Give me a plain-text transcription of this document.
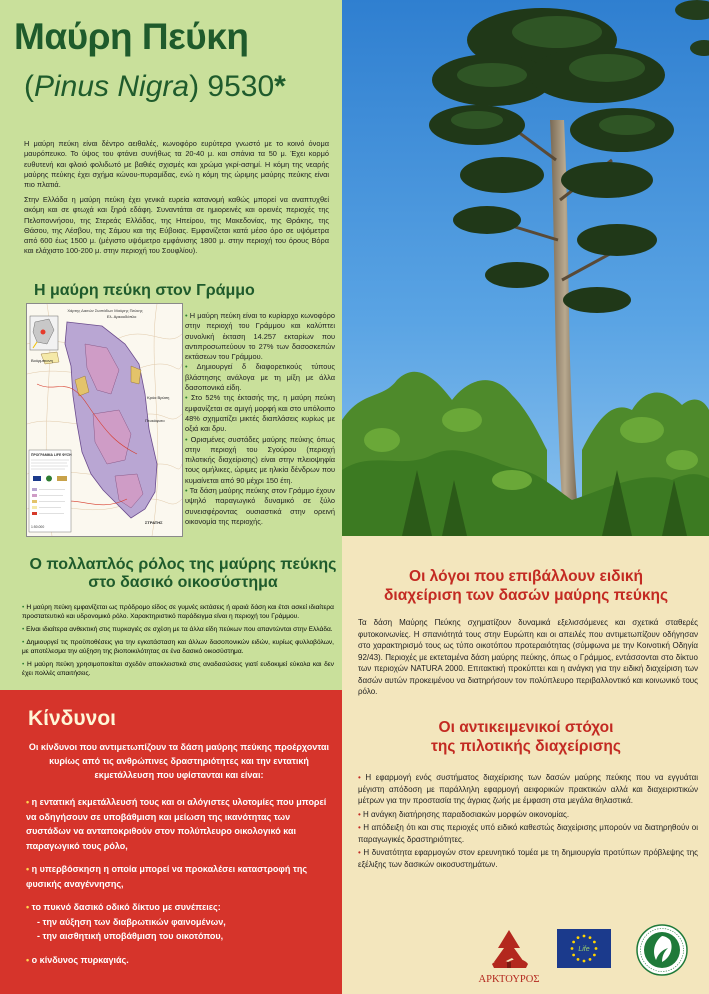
Μαύρη Πεύκη
(Pinus Nigra) 9530*

Η μαύρη πεύκη είναι δέντρο αειθαλές, κωνοφόρο ευρύτερα γνωστό με το κοινό όνομα μαυρόπευκο. Το ύψος του φτάνει συνήθως τα 20-40 μ. και σπάνια τα 50 μ. Έχει κορμό ευθυτενή και φλοιό φολιδωτό με βαθιές σχισμές και χρώμα γκρί-ασημί. Η κόμη της νεαρής μαύρης πεύκης έχει σχήμα κώνου-πυραμίδας, ενώ η κόμη της ώριμης μαύρης πεύκης είναι πιο πλατιά.

Στην Ελλάδα η μαύρη πεύκη έχει γενικά ευρεία κατανομή καθώς μπορεί να αναπτυχθεί ακόμη και σε φτωχά και ξηρά εδάφη. Συναντάται σε ημιορεινές και ορεινές περιοχές της Πελοποννήσου, της Στερεάς Ελλάδας, της Ηπείρου, της Μακεδονίας, της Θράκης, της Θάσου, της Λέσβου, της Σάμου και της Εύβοιας. Εμφανίζεται κατά μέσο όρο σε υψόμετρα από 600 έως 1500 μ. (μέγιστο υψόμετρο εμφάνισης 1800 μ. στην περιοχή του όρους Βόρα και ελάχιστο 100-200 μ. στην περιοχή του Σουφλίου).

Η μαύρη πεύκη στον Γράμμο
Χάρτης Δασών Συστάδων Μαύρης Πεύκης
Ελ. Αρκουδόπλο
Βούρμπιανη
Κρύα Βρύση
Πευκόφυτο
ΣΤΡΑΤΗΣ
ΠΡΟΓΡΑΜΜΑ LIFE ΦΥΣΗ
1:50.000
• Η μαύρη πεύκη είναι το κυρίαρχο κωνοφόρο στην περιοχή του Γράμμου και καλύπτει συνολική έκταση 14.257 εκταρίων που αντιπροσωπεύουν το 27% των δασοσκεπών εκτάσεων του Γράμμου.
• Δημιουργεί δ διαφορετικούς τύπους βλάστησης ανάλογα με τη μίξη με άλλα δασοπονικά είδη.
• Στο 52% της έκτασής της, η μαύρη πεύκη εμφανίζεται σε αμιγή μορφή και στο υπόλοιπο 48% σχηματίζει μικτές διαπλάσεις κυρίως με οξιά και δρυ.
• Ορισμένες συστάδες μαύρης πεύκης όπως στην περιοχή του Σγούρου (περιοχή πιλοτικής διαχείρισης) είναι στην πλειοψηφία τους ομήλικες, ώριμες με ηλικία δένδρων που κυμαίνεται από 90 μέχρι 150 έτη.
• Τα δάση μαύρης πεύκης στον Γράμμο έχουν υψηλό παραγωγικό δυναμικό σε ξύλο συνεισφέροντας ουσιαστικά στην ορεινή οικονομία της περιοχής.
Ο πολλαπλός ρόλος της μαύρης πεύκης
στο δασικό οικοσύστημα
• Η μαύρη πεύκη εμφανίζεται ως πρόδρομο είδος σε γυμνές εκτάσεις ή αραιά δάση και έτσι ασκεί ιδιαίτερα προστατευτικό και υδρονομικό ρόλο. Χαρακτηριστικό παράδειγμα είναι η περιοχή του Γράμμου.
• Είναι ιδιαίτερα ανθεκτική στις πυρκαγιές σε σχέση με τα άλλα είδη πεύκων που απαντώνται στην Ελλάδα.
• Δημιουργεί τις προϋποθέσεις για την εγκατάσταση και άλλων δασοπονικών ειδών, κυρίως φυλλοβόλων, με αποτέλεσμα την αύξηση της βιοποικιλότητας σε ένα δασικό οικοσύστημα.
• Η μαύρη πεύκη χρησιμοποιείται σχεδόν αποκλειστικά στις αναδασώσεις γιατί ευδοκιμεί εύκολα και δεν έχει πολλές απαιτήσεις.
Κίνδυνοι

Οι κίνδυνοι που αντιμετωπίζουν τα δάση μαύρης πεύκης προέρχονται κυρίως από τις ανθρώπινες δραστηριότητες και την εντατική εκμετάλλευση που υφίστανται και είναι:

• η εντατική εκμετάλλευσή τους και οι αλόγιστες υλοτομίες που μπορεί να οδηγήσουν σε υποβάθμιση και μείωση της ικανότητας των συστάδων να ανταποκριθούν στον πολύπλευρο οικολογικό και παραγωγικό τους ρόλο,
• η υπερβόσκηση η οποία μπορεί να προκαλέσει καταστροφή της φυσικής αναγέννησης,
• το πυκνό δασικό οδικό δίκτυο με συνέπειες:
- την αύξηση των διαβρωτικών φαινομένων,
- την αισθητική υποβάθμιση του οικοτόπου,
• ο κίνδυνος πυρκαγιάς.
Οι λόγοι που επιβάλλουν ειδική
διαχείριση των δασών μαύρης πεύκης

Τα δάση Μαύρης Πεύκης σχηματίζουν δυναμικά εξελισσόμενες και σχετικά σταθερές φυτοκοινωνίες. Η σπανιότητά τους στην Ευρώπη και οι απειλές που αντιμετωπίζουν οδήγησαν στο χαρακτηρισμό τους ως τύπο οικοτόπου προτεραιότητας (σύμφωνα με την Κοινοτική Οδηγία 92/43). Περιοχές με εκτεταμένα δάση μαύρης πεύκης, όπως ο Γράμμος, εντάσσονται στο δίκτυο των περιοχών NATURA 2000. Επιτακτική προκύπτει και η ανάγκη για την ειδική διαχείριση των δασών αυτών προκειμένου να διατηρήσουν τον πολύπλευρο περιβαλλοντικό και κοινωνικό τους ρόλο.

Οι αντικειμενικοί στόχοι
της πιλοτικής διαχείρισης
• Η εφαρμογή ενός συστήματος διαχείρισης των δασών μαύρης πεύκης που να εγγυάται μέγιστη απόδοση με παράλληλη εφαρμογή αειφορικών πρακτικών αλλά και διαχειριστικών μέτρων για την προστασία της άγριας ζωής με έμφαση στα μεγάλα θηλαστικά.
• Η ανάγκη διατήρησης παραδοσιακών μορφών οικονομίας.
• Η απόδειξη ότι και στις περιοχές υπό ειδικό καθεστώς διαχείρισης μπορούν να διατηρηθούν οι παραγωγικές δραστηριότητες.
• Η δυνατότητα εφαρμογών στον ερευνητικό τομέα με τη δημιουργία προτύπων πρόβλεψης της εξέλιξης των δασικών οικοσυστημάτων.
ΑΡΚΤΟΥΡΟΣ
Life
